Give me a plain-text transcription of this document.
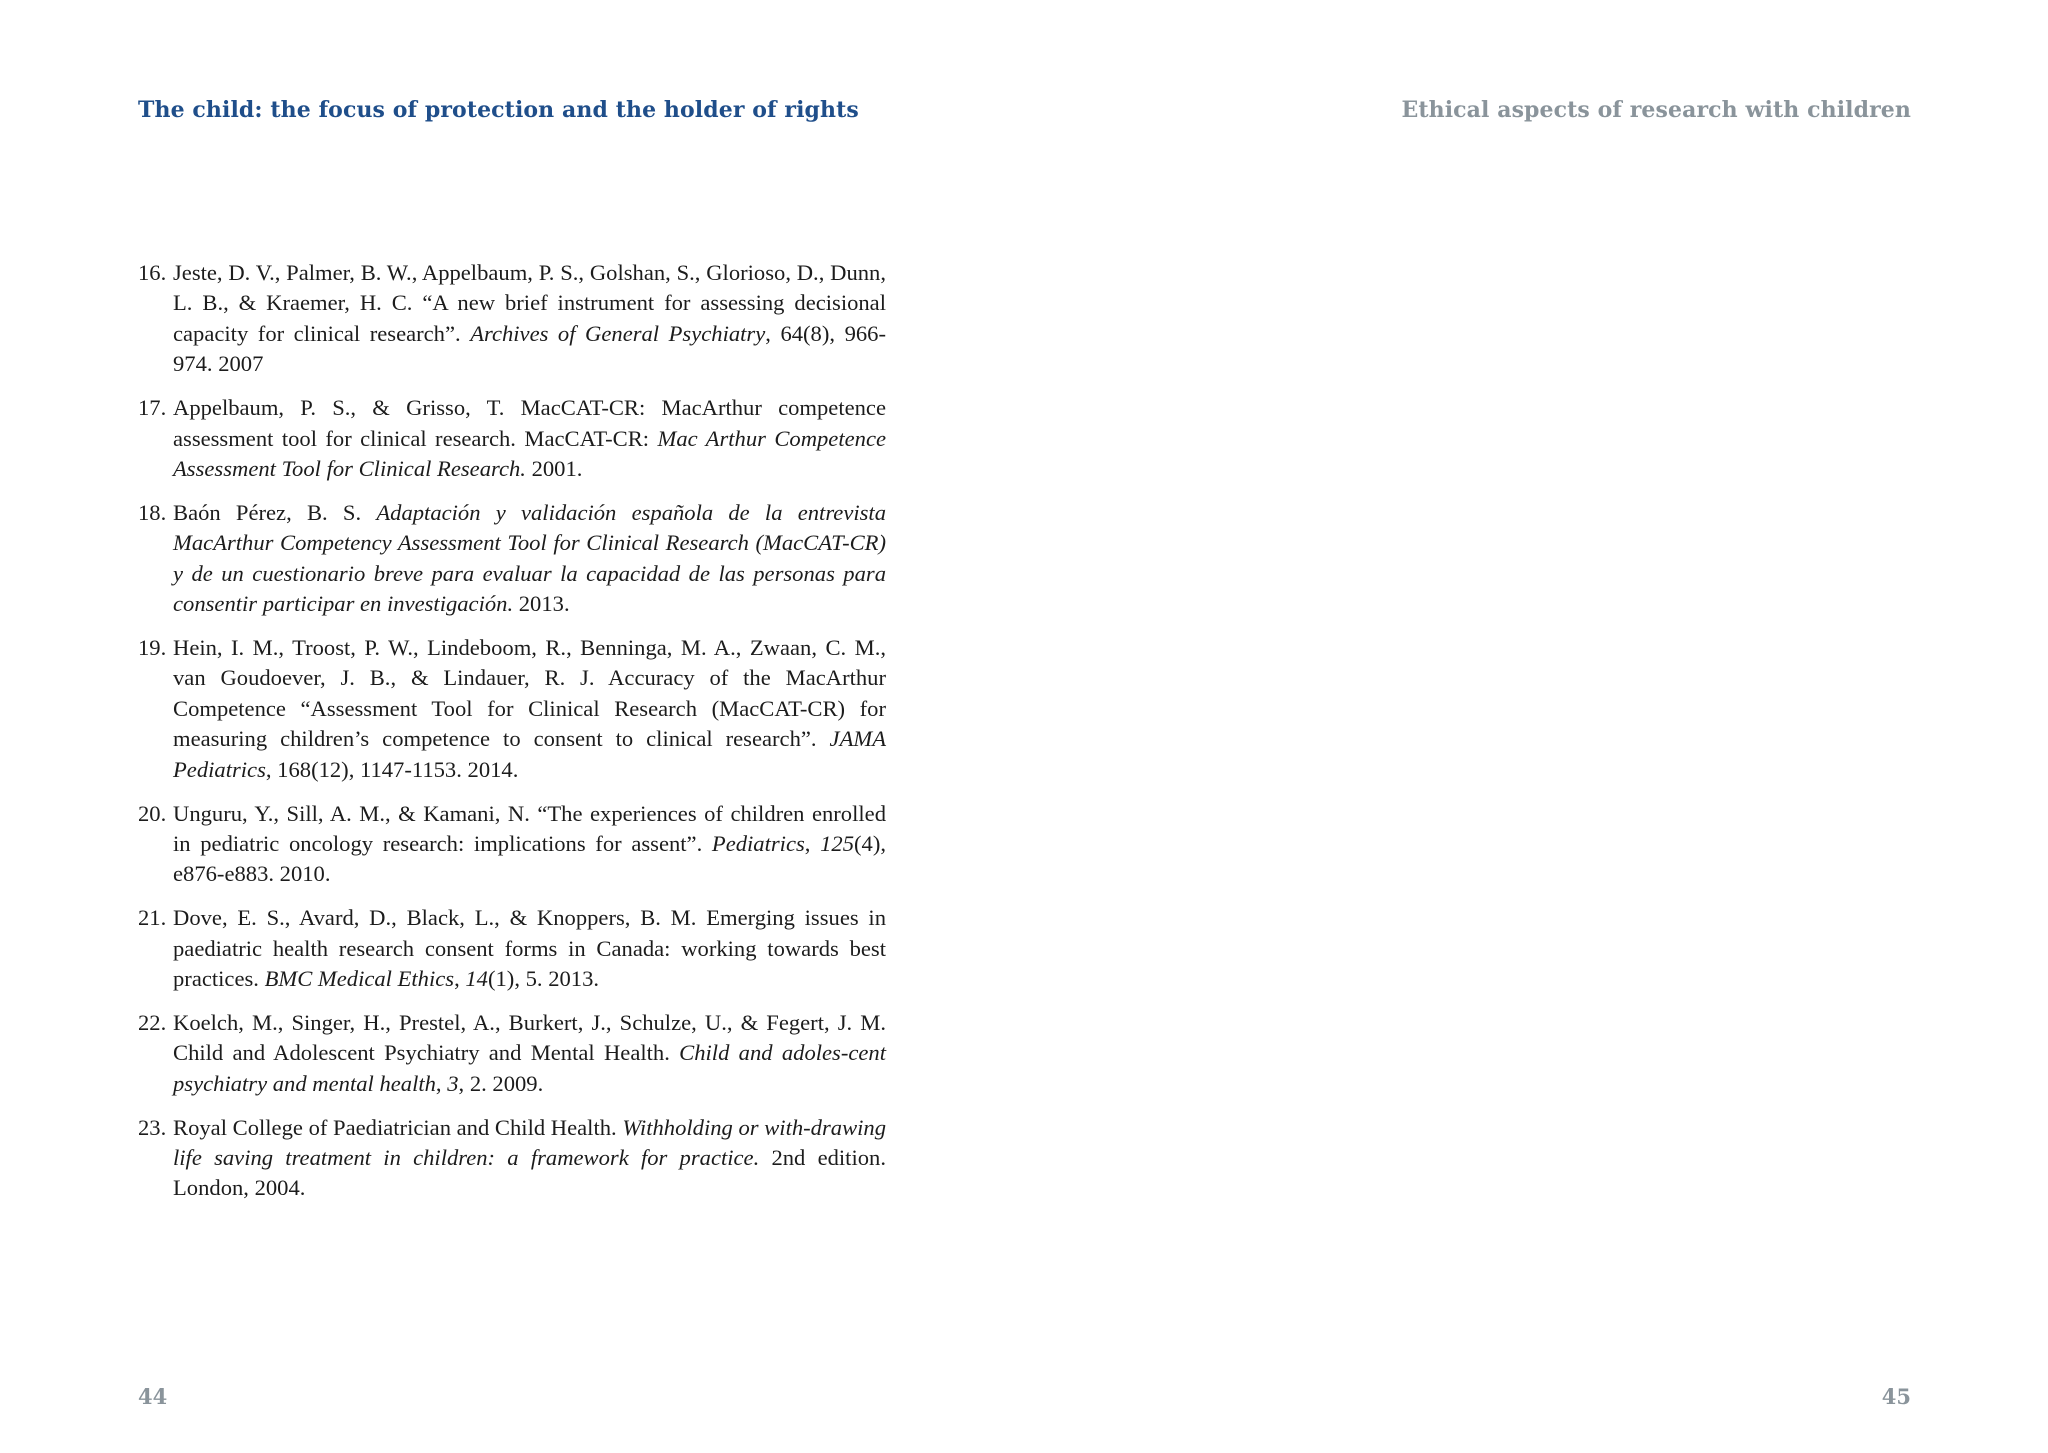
The child: the focus of protection and the holder of rights
16. Jeste, D. V., Palmer, B. W., Appelbaum, P. S., Golshan, S., Glorioso, D., Dunn, L. B., & Kraemer, H. C. “A new brief instrument for assessing decisional capacity for clinical research”. Archives of General Psychiatry, 64(8), 966-974. 2007
17. Appelbaum, P. S., & Grisso, T. MacCAT-CR: MacArthur competence assessment tool for clinical research. MacCAT-CR: Mac Arthur Competence Assessment Tool for Clinical Research. 2001.
18. Baón Pérez, B. S. Adaptación y validación española de la entrevista MacArthur Competency Assessment Tool for Clinical Research (MacCAT-CR) y de un cuestionario breve para evaluar la capacidad de las personas para consentir participar en investigación. 2013.
19. Hein, I. M., Troost, P. W., Lindeboom, R., Benninga, M. A., Zwaan, C. M., van Goudoever, J. B., & Lindauer, R. J. Accuracy of the MacArthur Competence “Assessment Tool for Clinical Research (MacCAT-CR) for measuring children’s competence to consent to clinical research”. JAMA Pediatrics, 168(12), 1147-1153. 2014.
20. Unguru, Y., Sill, A. M., & Kamani, N. “The experiences of children enrolled in pediatric oncology research: implications for assent”. Pediatrics, 125(4), e876-e883. 2010.
21. Dove, E. S., Avard, D., Black, L., & Knoppers, B. M. Emerging issues in paediatric health research consent forms in Canada: working towards best practices. BMC Medical Ethics, 14(1), 5. 2013.
22. Koelch, M., Singer, H., Prestel, A., Burkert, J., Schulze, U., & Fegert, J. M. Child and Adolescent Psychiatry and Mental Health. Child and adoles-cent psychiatry and mental health, 3, 2. 2009.
23. Royal College of Paediatrician and Child Health. Withholding or with-drawing life saving treatment in children: a framework for practice. 2nd edition. London, 2004.
44
Ethical aspects of research with children
45
